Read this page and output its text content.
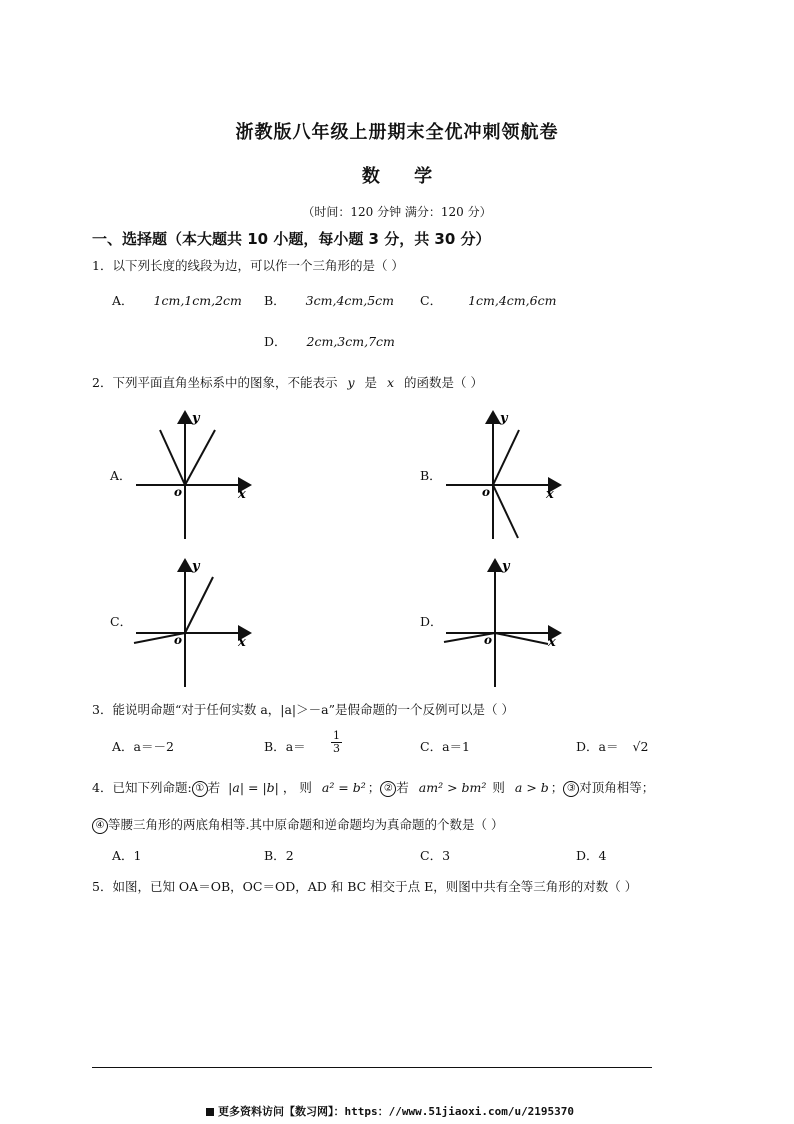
浙教版八年级上册期末全优冲刺领航卷
数 学
（时间：120 分钟 满分：120 分）
一、选择题（本大题共 10 小题，每小题 3 分，共 30 分）
1．以下列长度的线段为边，可以作一个三角形的是（ ）
A． 1cm,1cm,2cm B． 3cm,4cm,5cm C． 1cm,4cm,6cm
D． 2cm,3cm,7cm
2．下列平面直角坐标系中的图象，不能表示 y 是 x 的函数是（ ）
A．	B．
C．	D．
y
x
o
y
x
o
y
x
o
y
x
o
3．能说明命题“对于任何实数 a，|a|＞－a”是假命题的一个反例可以是（ ）
A．a＝－2	B．$a= \frac{1}{3}$	C．a＝1	D．a＝ √2
4．已知下列命题: ① 若 |a| = |b| ， 则 a² = b² ； ② 若 am² > bm² 则 a > b ； ③ 对顶角相等；
④ 等腰三角形的两底角相等.其中原命题和逆命题均为真命题的个数是（ ）
A．1	B．2	C．3	D．4
5．如图，已知 OA＝OB，OC＝OD，AD 和 BC 相交于点 E，则图中共有全等三角形的对数（ ）
更多资料访问【数习网】：https：//www.51jiaoxi.com/u/2195370
